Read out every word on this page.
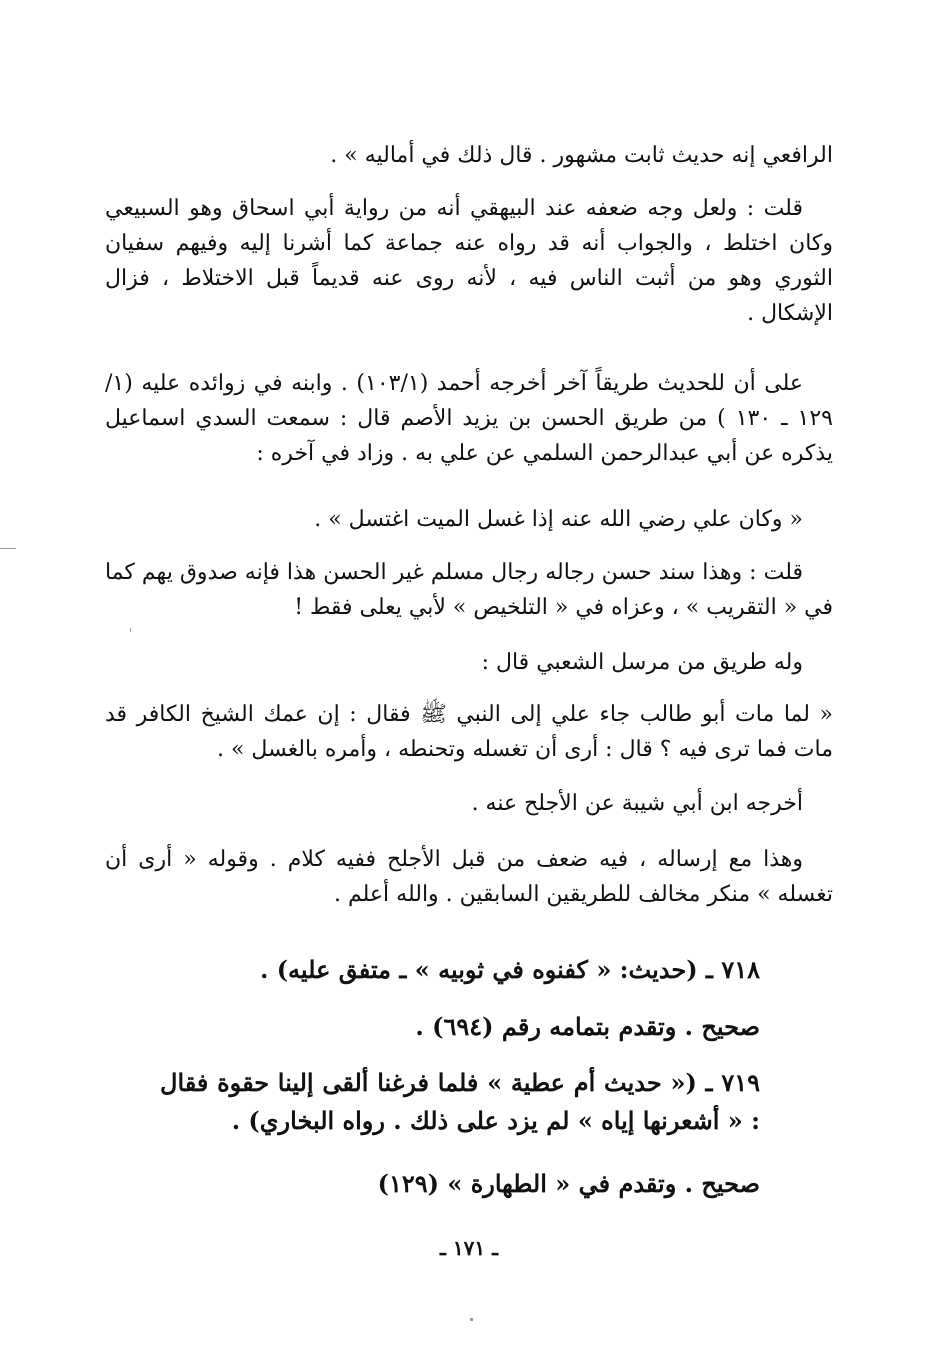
الرافعي إنه حديث ثابت مشهور . قال ذلك في أماليه » .
قلت : ولعل وجه ضعفه عند البيهقي أنه من رواية أبي اسحاق وهو السبيعي وكان اختلط ، والجواب أنه قد رواه عنه جماعة كما أشرنا إليه وفيهم سفيان الثوري وهو من أثبت الناس فيه ، لأنه روى عنه قديماً قبل الاختلاط ، فزال الإشكال .
على أن للحديث طريقاً آخر أخرجه أحمد (١٠٣/١) . وابنه في زوائده عليه (١/ ١٢٩ ـ ١٣٠ ) من طريق الحسن بن يزيد الأصم قال : سمعت السدي اسماعيل يذكره عن أبي عبدالرحمن السلمي عن علي به . وزاد في آخره :
« وكان علي رضي الله عنه إذا غسل الميت اغتسل » .
قلت : وهذا سند حسن رجاله رجال مسلم غير الحسن هذا فإنه صدوق يهم كما في « التقريب » ، وعزاه في « التلخيص » لأبي يعلى فقط !
وله طريق من مرسل الشعبي قال :
« لما مات أبو طالب جاء علي إلى النبي ﷺ فقال : إن عمك الشيخ الكافر قد مات فما ترى فيه ؟ قال : أرى أن تغسله وتحنطه ، وأمره بالغسل » .
أخرجه ابن أبي شيبة عن الأجلح عنه .
وهذا مع إرساله ، فيه ضعف من قبل الأجلح ففيه كلام . وقوله « أرى أن تغسله » منكر مخالف للطريقين السابقين . والله أعلم .
٧١٨ ـ (حديث: « كفنوه في ثوبيه » ـ متفق عليه) .
صحيح . وتقدم بتمامه رقم (٦٩٤) .
٧١٩ ـ (« حديث أم عطية » فلما فرغنا ألقى إلينا حقوة فقال : « أشعرنها إياه » لم يزد على ذلك . رواه البخاري) .
صحيح . وتقدم في « الطهارة » (١٢٩)
ـ ١٧١ ـ
